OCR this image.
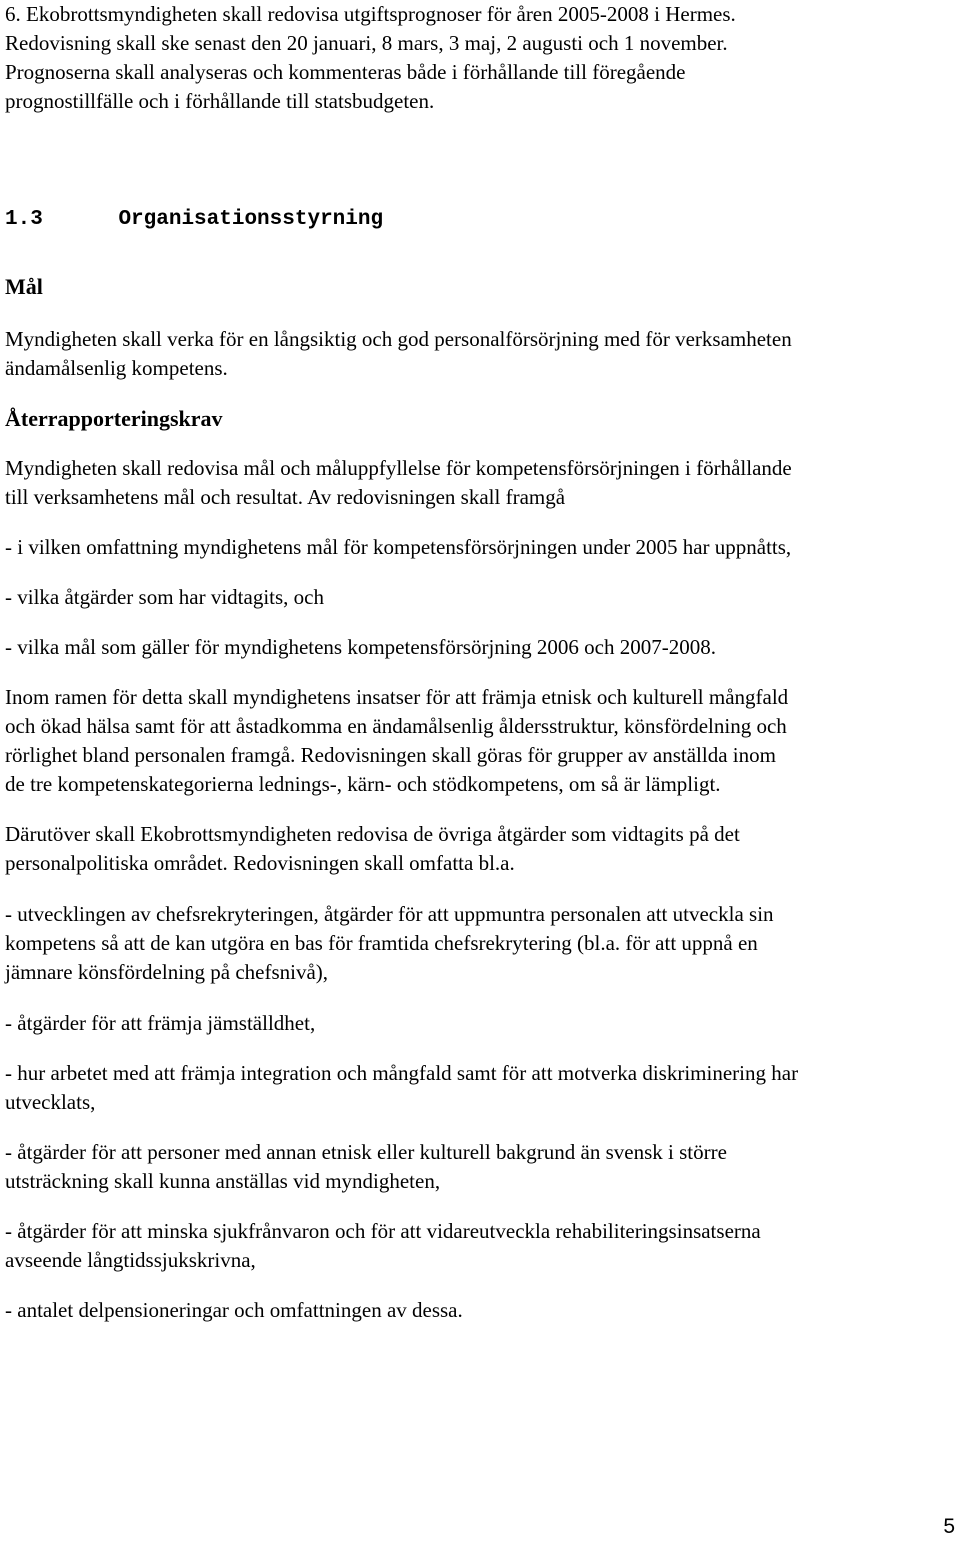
6. Ekobrottsmyndigheten skall redovisa utgiftsprognoser för åren 2005-2008 i Hermes.
Redovisning skall ske senast den 20 januari, 8 mars, 3 maj, 2 augusti och 1 november.
Prognoserna skall analyseras och kommenteras både i förhållande till föregående
prognostillfälle och i förhållande till statsbudgeten.
1.3	Organisationsstyrning
Mål
Myndigheten skall verka för en långsiktig och god personalförsörjning med för verksamheten
ändamålsenlig kompetens.
Återrapporteringskrav
Myndigheten skall redovisa mål och måluppfyllelse för kompetensförsörjningen i förhållande
till verksamhetens mål och resultat. Av redovisningen skall framgå
- i vilken omfattning myndighetens mål för kompetensförsörjningen under 2005 har uppnåtts,
- vilka åtgärder som har vidtagits, och
- vilka mål som gäller för myndighetens kompetensförsörjning 2006 och 2007-2008.
Inom ramen för detta skall myndighetens insatser för att främja etnisk och kulturell mångfald
och ökad hälsa samt för att åstadkomma en ändamålsenlig åldersstruktur, könsfördelning och
rörlighet bland personalen framgå. Redovisningen skall göras för grupper av anställda inom
de tre kompetenskategorierna lednings-, kärn- och stödkompetens, om så är lämpligt.
Därutöver skall Ekobrottsmyndigheten redovisa de övriga åtgärder som vidtagits på det
personalpolitiska området. Redovisningen skall omfatta bl.a.
- utvecklingen av chefsrekryteringen, åtgärder för att uppmuntra personalen att utveckla sin
kompetens så att de kan utgöra en bas för framtida chefsrekrytering (bl.a. för att uppnå en
jämnare könsfördelning på chefsnivå),
- åtgärder för att främja jämställdhet,
- hur arbetet med att främja integration och mångfald samt för att motverka diskriminering har
utvecklats,
- åtgärder för att personer med annan etnisk eller kulturell bakgrund än svensk i större
utsträckning skall kunna anställas vid myndigheten,
- åtgärder för att minska sjukfrånvaron och för att vidareutveckla rehabiliteringsinsatserna
avseende långtidssjukskrivna,
- antalet delpensioneringar och omfattningen av dessa.
5
